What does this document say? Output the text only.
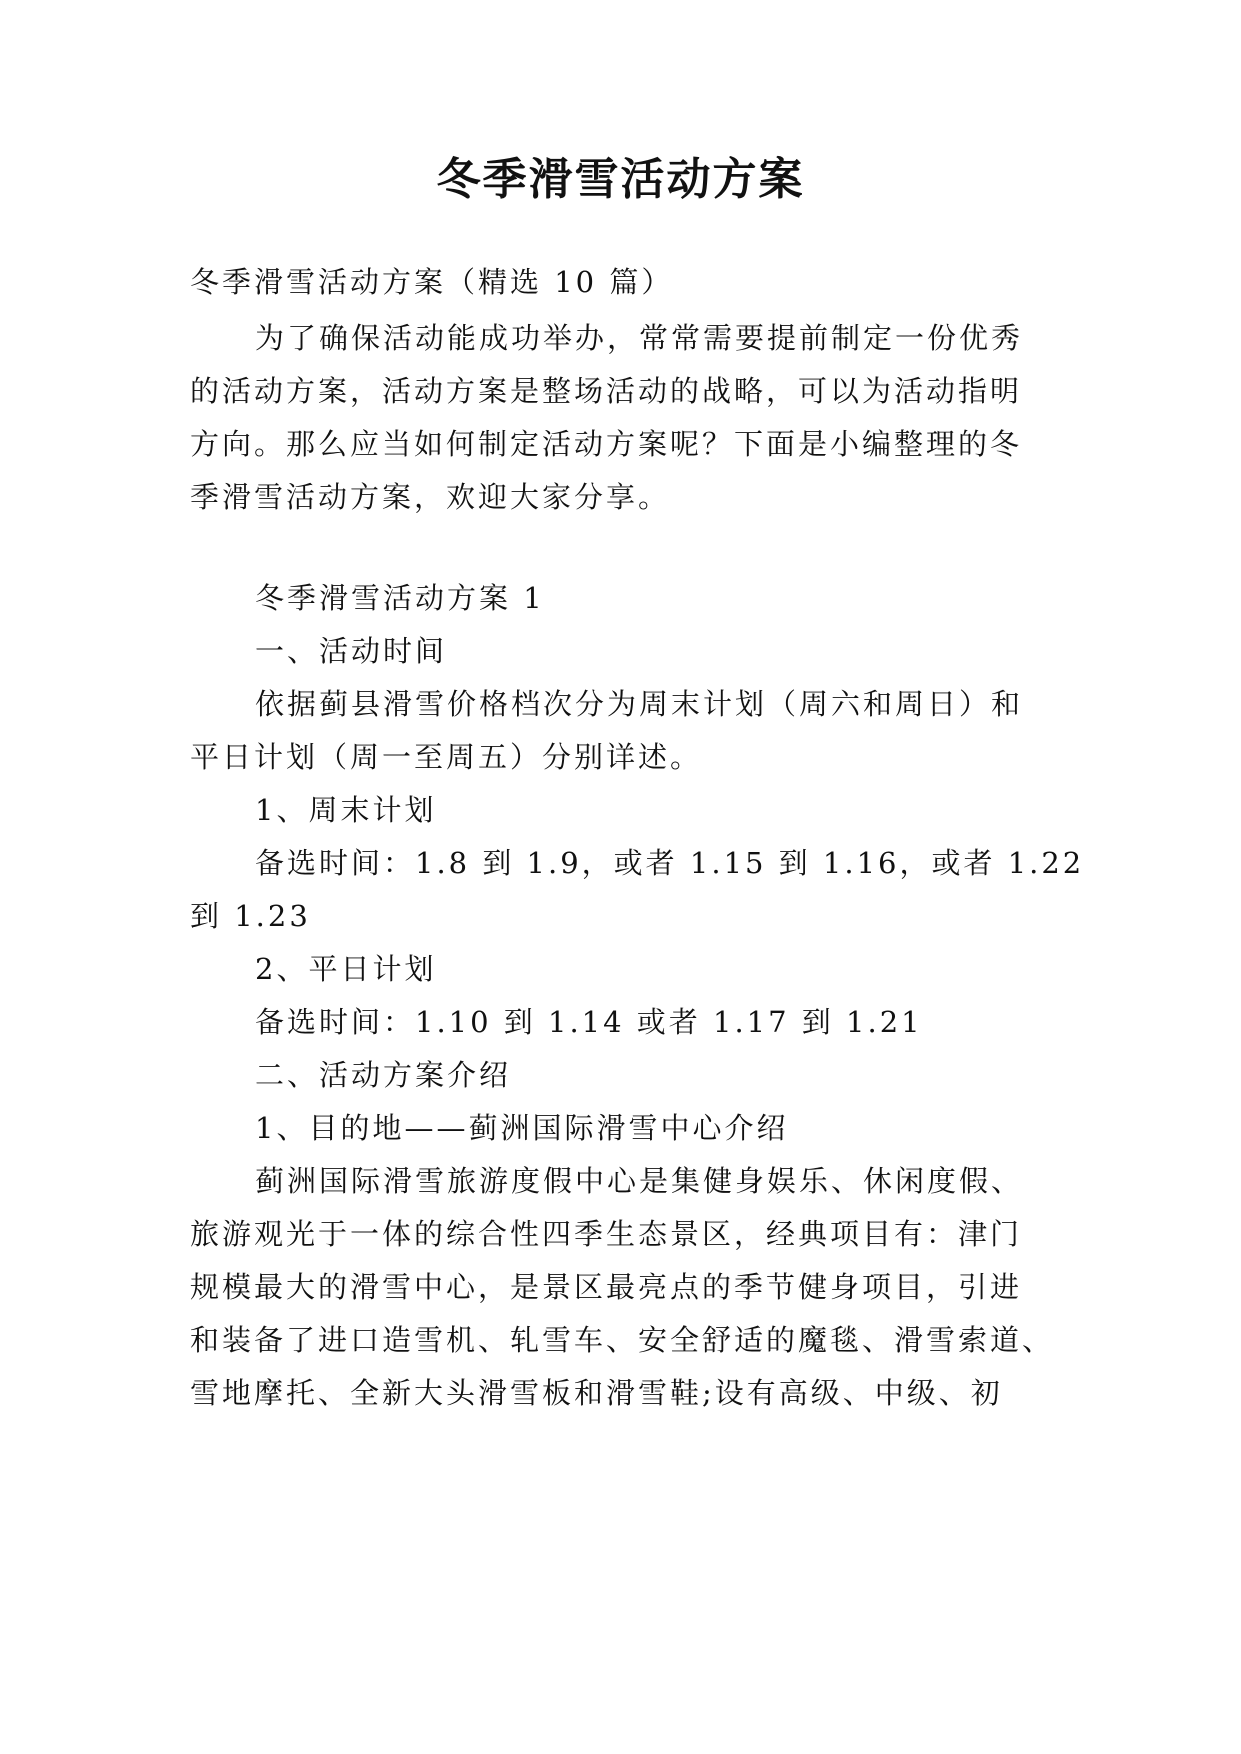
冬季滑雪活动方案
冬季滑雪活动方案（精选 10 篇）
为了确保活动能成功举办，常常需要提前制定一份优秀
的活动方案，活动方案是整场活动的战略，可以为活动指明
方向。那么应当如何制定活动方案呢？下面是小编整理的冬
季滑雪活动方案，欢迎大家分享。
冬季滑雪活动方案 1
一、活动时间
依据蓟县滑雪价格档次分为周末计划（周六和周日）和
平日计划（周一至周五）分别详述。
1、周末计划
备选时间：1.8 到 1.9，或者 1.15 到 1.16，或者 1.22
到 1.23
2、平日计划
备选时间：1.10 到 1.14 或者 1.17 到 1.21
二、活动方案介绍
1、目的地——蓟洲国际滑雪中心介绍
蓟洲国际滑雪旅游度假中心是集健身娱乐、休闲度假、
旅游观光于一体的综合性四季生态景区，经典项目有：津门
规模最大的滑雪中心，是景区最亮点的季节健身项目，引进
和装备了进口造雪机、轧雪车、安全舒适的魔毯、滑雪索道、
雪地摩托、全新大头滑雪板和滑雪鞋;设有高级、中级、初
